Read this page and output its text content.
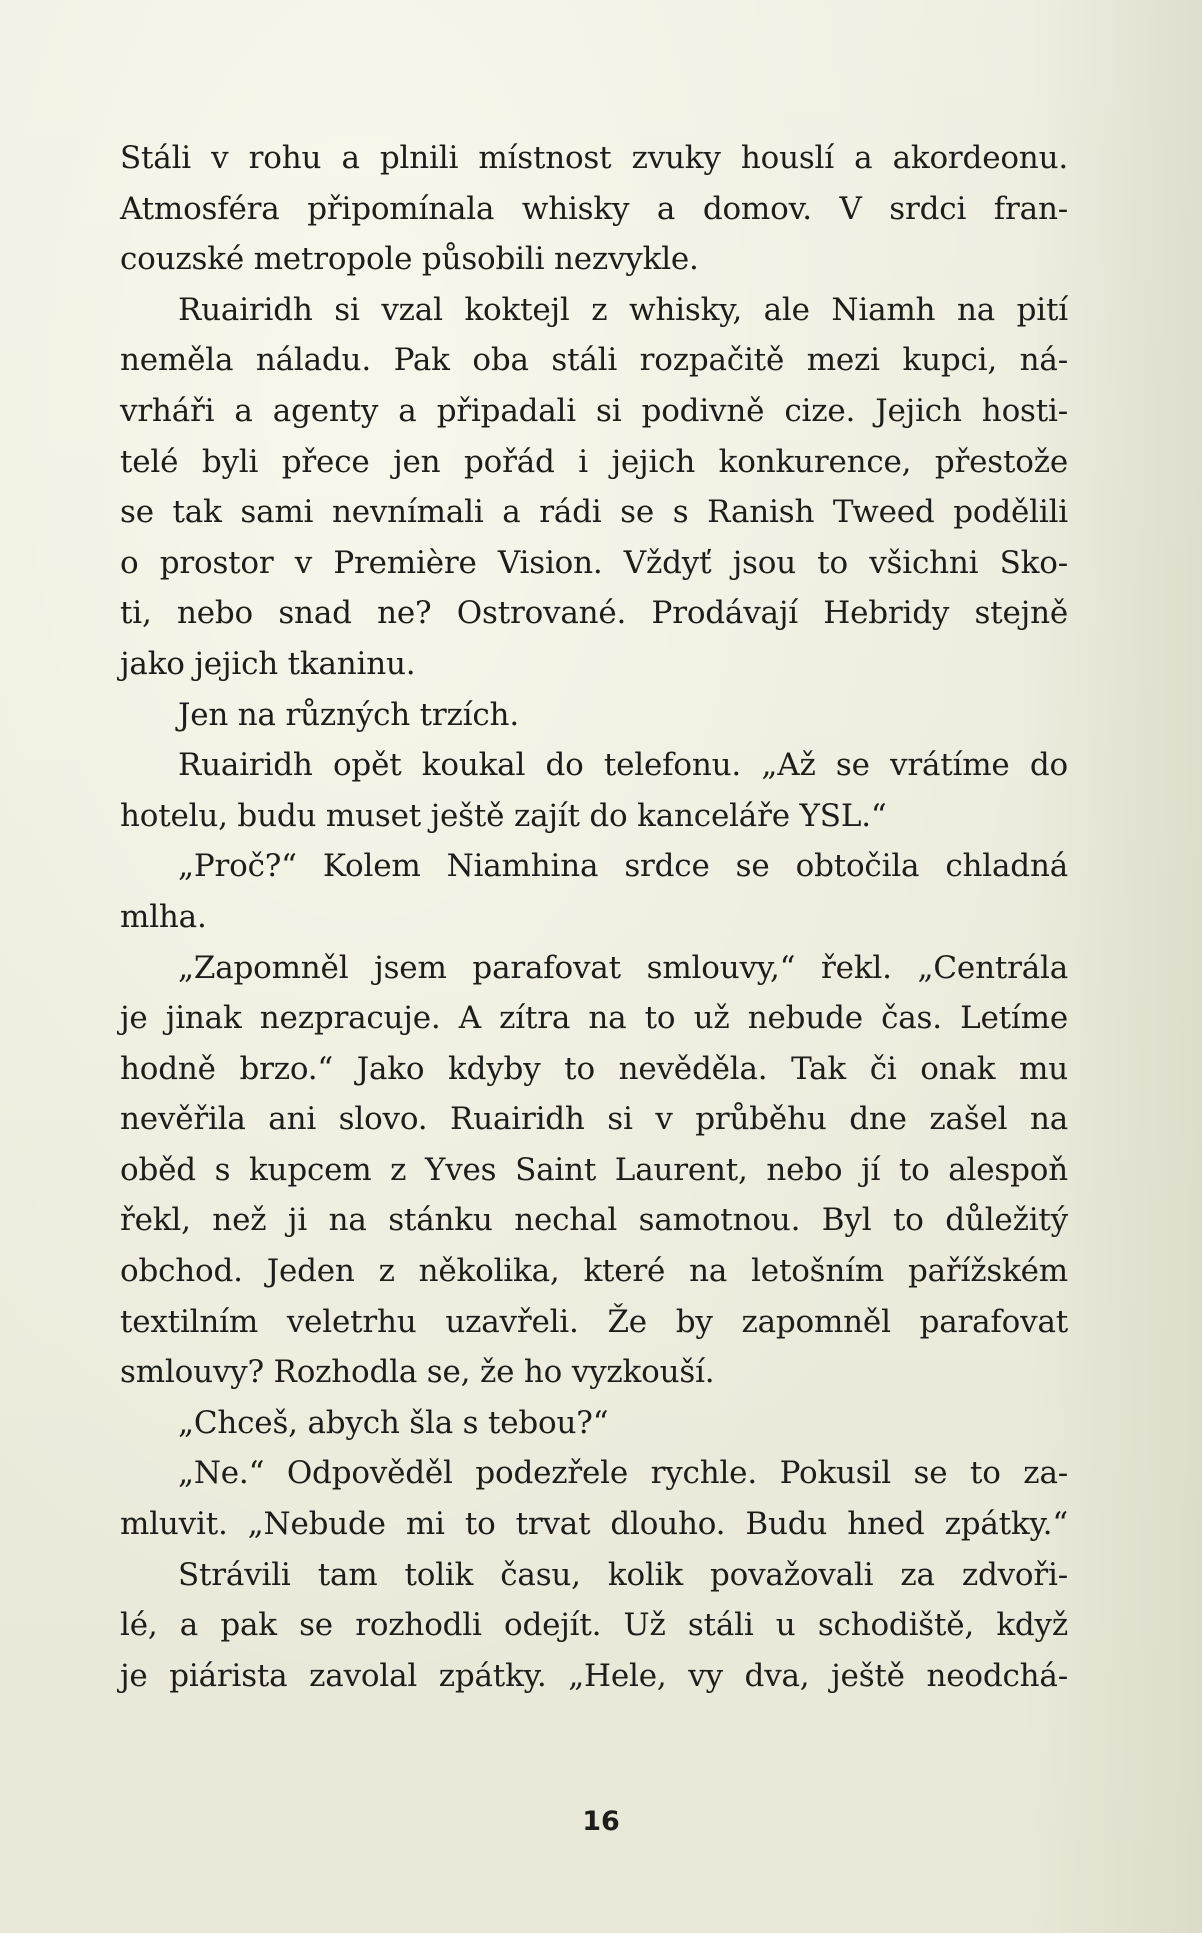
Stáli v rohu a plnili místnost zvuky houslí a akordeonu.
Atmosféra připomínala whisky a domov. V srdci fran-
couzské metropole působili nezvykle.
Ruairidh si vzal koktejl z whisky, ale Niamh na pití
neměla náladu. Pak oba stáli rozpačitě mezi kupci, ná-
vrháři a agenty a připadali si podivně cize. Jejich hosti-
telé byli přece jen pořád i jejich konkurence, přestože
se tak sami nevnímali a rádi se s Ranish Tweed podělili
o prostor v Première Vision. Vždyť jsou to všichni Sko-
ti, nebo snad ne? Ostrované. Prodávají Hebridy stejně
jako jejich tkaninu.
Jen na různých trzích.
Ruairidh opět koukal do telefonu. „Až se vrátíme do
hotelu, budu muset ještě zajít do kanceláře YSL.“
„Proč?“ Kolem Niamhina srdce se obtočila chladná
mlha.
„Zapomněl jsem parafovat smlouvy,“ řekl. „Centrála
je jinak nezpracuje. A zítra na to už nebude čas. Letíme
hodně brzo.“ Jako kdyby to nevěděla. Tak či onak mu
nevěřila ani slovo. Ruairidh si v průběhu dne zašel na
oběd s kupcem z Yves Saint Laurent, nebo jí to alespoň
řekl, než ji na stánku nechal samotnou. Byl to důležitý
obchod. Jeden z několika, které na letošním pařížském
textilním veletrhu uzavřeli. Že by zapomněl parafovat
smlouvy? Rozhodla se, že ho vyzkouší.
„Chceš, abych šla s tebou?“
„Ne.“ Odpověděl podezřele rychle. Pokusil se to za-
mluvit. „Nebude mi to trvat dlouho. Budu hned zpátky.“
Strávili tam tolik času, kolik považovali za zdvoři-
lé, a pak se rozhodli odejít. Už stáli u schodiště, když
je piárista zavolal zpátky. „Hele, vy dva, ještě neodchá-
16
